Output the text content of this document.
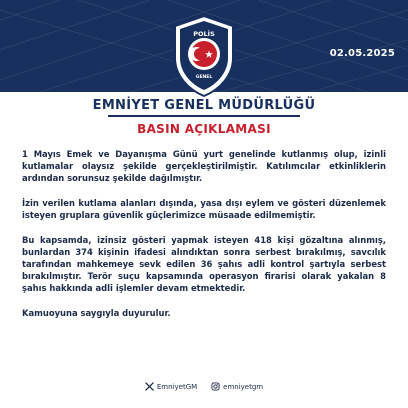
02.05.2025
POLİS
GENEL
EMNİYET GENEL MÜDÜRLÜĞÜ
BASIN AÇIKLAMASI

1 Mayıs Emek ve Dayanışma Günü yurt genelinde kutlanmış olup, izinli kutlamalar olaysız şekilde gerçekleştirilmiştir. Katılımcılar etkinliklerin ardından sorunsuz şekilde dağılmıştır.

İzin verilen kutlama alanları dışında, yasa dışı eylem ve gösteri düzenlemek isteyen gruplara güvenlik güçlerimizce müsaade edilmemiştir.

Bu kapsamda, izinsiz gösteri yapmak isteyen 418 kişi gözaltına alınmış, bunlardan 374 kişinin ifadesi alındıktan sonra serbest bırakılmış, savcılık tarafından mahkemeye sevk edilen 36 şahıs adli kontrol şartıyla serbest bırakılmıştır. Terör suçu kapsamında operasyon firarisi olarak yakalan 8 şahıs hakkında adli işlemler devam etmektedir.

Kamuoyuna saygıyla duyurulur.

EmniyetGM	emniyetgm
